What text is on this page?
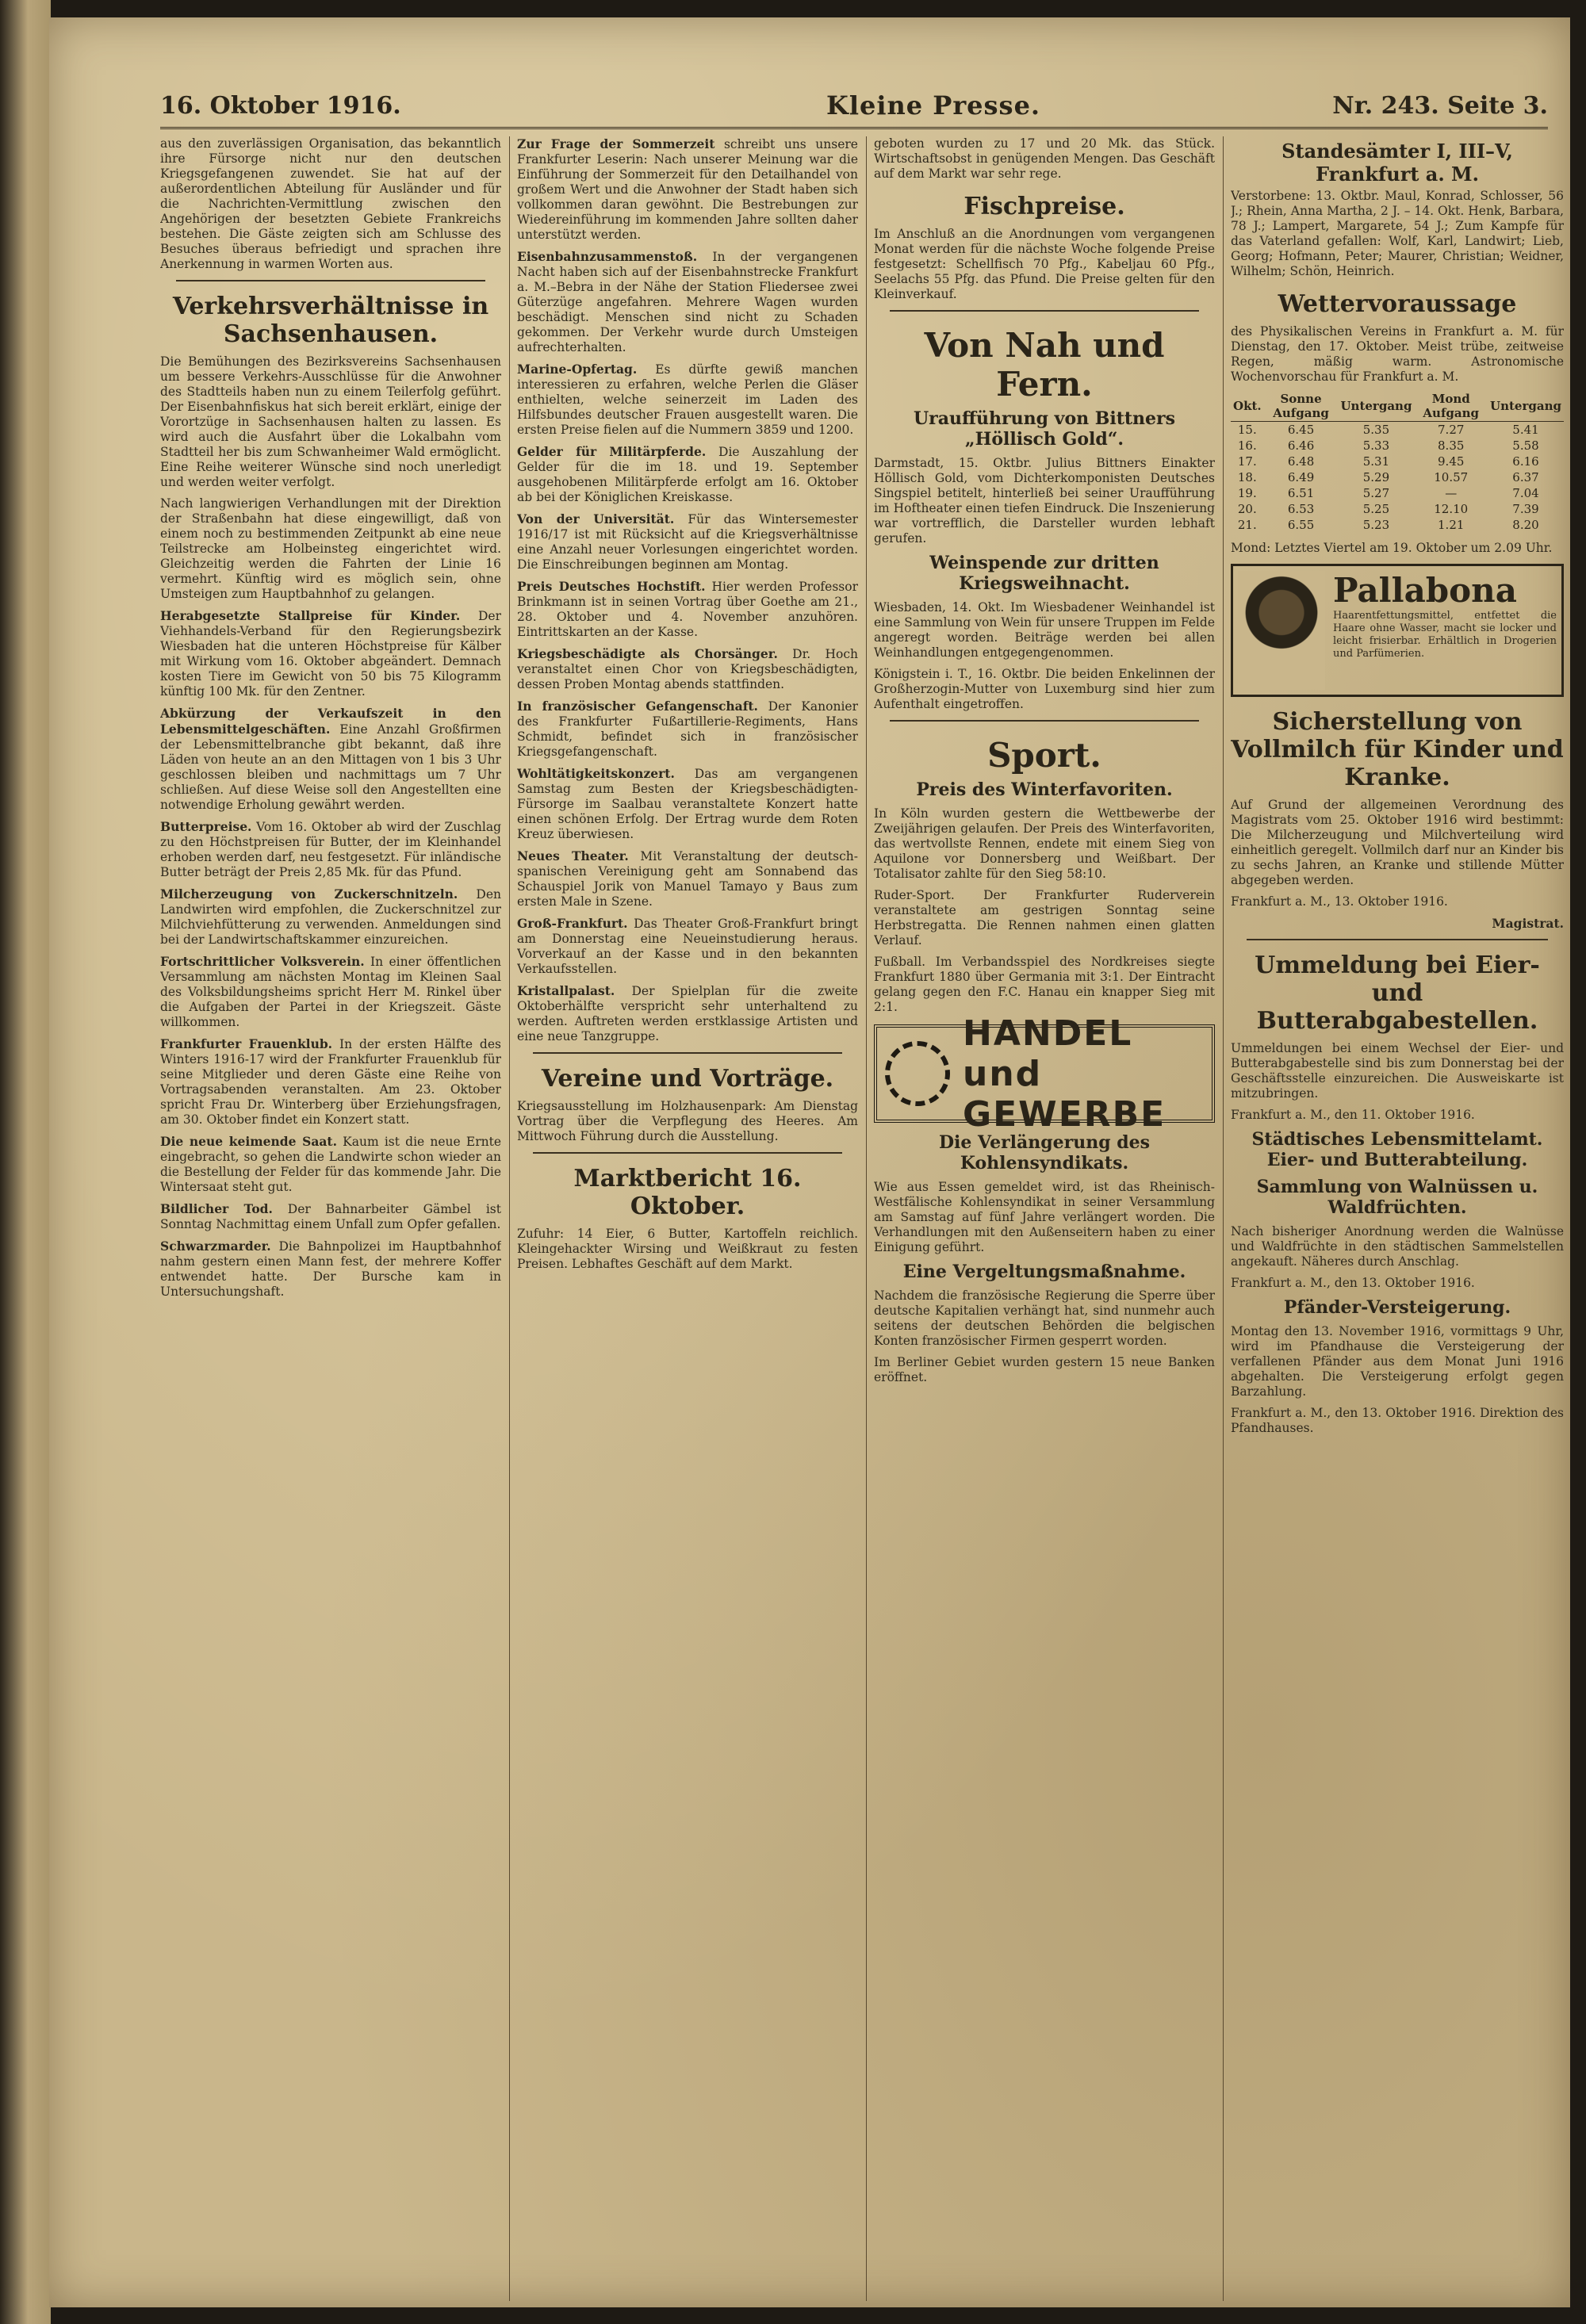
16. Oktober 1916.	Kleine Presse.	Nr. 243. Seite 3.

aus den zuverlässigen Organisation, das bekanntlich ihre Fürsorge nicht nur den deutschen Kriegsgefangenen zuwendet. Sie hat auf der außerordentlichen Abteilung für Ausländer und für die Nachrichten-Vermittlung zwischen den Angehörigen der besetzten Gebiete Frankreichs bestehen. Die Gäste zeigten sich am Schlusse des Besuches überaus befriedigt und sprachen ihre Anerkennung in warmen Worten aus.

Verkehrsverhältnisse in Sachsenhausen.

Die Bemühungen des Bezirksvereins Sachsenhausen um bessere Verkehrs-Ausschlüsse für die Anwohner des Stadtteils haben nun zu einem Teilerfolg geführt. Der Eisenbahnfiskus hat sich bereit erklärt, einige der Vorortzüge in Sachsenhausen halten zu lassen. Es wird auch die Ausfahrt über die Lokalbahn vom Stadtteil her bis zum Schwanheimer Wald ermöglicht. Eine Reihe weiterer Wünsche sind noch unerledigt und werden weiter verfolgt.

Nach langwierigen Verhandlungen mit der Direktion der Straßenbahn hat diese eingewilligt, daß von einem noch zu bestimmenden Zeitpunkt ab eine neue Teilstrecke am Holbeinsteg eingerichtet wird. Gleichzeitig werden die Fahrten der Linie 16 vermehrt. Künftig wird es möglich sein, ohne Umsteigen zum Hauptbahnhof zu gelangen.

Herabgesetzte Stallpreise für Kinder. Der Viehhandels-Verband für den Regierungsbezirk Wiesbaden hat die unteren Höchstpreise für Kälber mit Wirkung vom 16. Oktober abgeändert. Demnach kosten Tiere im Gewicht von 50 bis 75 Kilogramm künftig 100 Mk. für den Zentner.

Abkürzung der Verkaufszeit in den Lebensmittelgeschäften. Eine Anzahl Großfirmen der Lebensmittelbranche gibt bekannt, daß ihre Läden von heute an an den Mittagen von 1 bis 3 Uhr geschlossen bleiben und nachmittags um 7 Uhr schließen. Auf diese Weise soll den Angestellten eine notwendige Erholung gewährt werden.

Butterpreise. Vom 16. Oktober ab wird der Zuschlag zu den Höchstpreisen für Butter, der im Kleinhandel erhoben werden darf, neu festgesetzt. Für inländische Butter beträgt der Preis 2,85 Mk. für das Pfund.

Milcherzeugung von Zuckerschnitzeln. Den Landwirten wird empfohlen, die Zuckerschnitzel zur Milchviehfütterung zu verwenden. Anmeldungen sind bei der Landwirtschaftskammer einzureichen.

Fortschrittlicher Volksverein. In einer öffentlichen Versammlung am nächsten Montag im Kleinen Saal des Volksbildungsheims spricht Herr M. Rinkel über die Aufgaben der Partei in der Kriegszeit. Gäste willkommen.

Frankfurter Frauenklub. In der ersten Hälfte des Winters 1916-17 wird der Frankfurter Frauenklub für seine Mitglieder und deren Gäste eine Reihe von Vortragsabenden veranstalten. Am 23. Oktober spricht Frau Dr. Winterberg über Erziehungsfragen, am 30. Oktober findet ein Konzert statt.

Die neue keimende Saat. Kaum ist die neue Ernte eingebracht, so gehen die Landwirte schon wieder an die Bestellung der Felder für das kommende Jahr. Die Wintersaat steht gut.

Bildlicher Tod. Der Bahnarbeiter Gämbel ist Sonntag Nachmittag einem Unfall zum Opfer gefallen.

Schwarzmarder. Die Bahnpolizei im Hauptbahnhof nahm gestern einen Mann fest, der mehrere Koffer entwendet hatte. Der Bursche kam in Untersuchungshaft.

Zur Frage der Sommerzeit schreibt uns unsere Frankfurter Leserin: Nach unserer Meinung war die Einführung der Sommerzeit für den Detailhandel von großem Wert und die Anwohner der Stadt haben sich vollkommen daran gewöhnt. Die Bestrebungen zur Wiedereinführung im kommenden Jahre sollten daher unterstützt werden.

Eisenbahnzusammenstoß. In der vergangenen Nacht haben sich auf der Eisenbahnstrecke Frankfurt a. M.–Bebra in der Nähe der Station Fliedersee zwei Güterzüge angefahren. Mehrere Wagen wurden beschädigt. Menschen sind nicht zu Schaden gekommen. Der Verkehr wurde durch Umsteigen aufrechterhalten.

Marine-Opfertag. Es dürfte gewiß manchen interessieren zu erfahren, welche Perlen die Gläser enthielten, welche seinerzeit im Laden des Hilfsbundes deutscher Frauen ausgestellt waren. Die ersten Preise fielen auf die Nummern 3859 und 1200.

Gelder für Militärpferde. Die Auszahlung der Gelder für die im 18. und 19. September ausgehobenen Militärpferde erfolgt am 16. Oktober ab bei der Königlichen Kreiskasse.

Von der Universität. Für das Wintersemester 1916/17 ist mit Rücksicht auf die Kriegsverhältnisse eine Anzahl neuer Vorlesungen eingerichtet worden. Die Einschreibungen beginnen am Montag.

Preis Deutsches Hochstift. Hier werden Professor Brinkmann ist in seinen Vortrag über Goethe am 21., 28. Oktober und 4. November anzuhören. Eintrittskarten an der Kasse.

Kriegsbeschädigte als Chorsänger. Dr. Hoch veranstaltet einen Chor von Kriegsbeschädigten, dessen Proben Montag abends stattfinden.

In französischer Gefangenschaft. Der Kanonier des Frankfurter Fußartillerie-Regiments, Hans Schmidt, befindet sich in französischer Kriegsgefangenschaft.

Wohltätigkeitskonzert. Das am vergangenen Samstag zum Besten der Kriegsbeschädigten-Fürsorge im Saalbau veranstaltete Konzert hatte einen schönen Erfolg. Der Ertrag wurde dem Roten Kreuz überwiesen.

Neues Theater. Mit Veranstaltung der deutsch-spanischen Vereinigung geht am Sonnabend das Schauspiel Jorik von Manuel Tamayo y Baus zum ersten Male in Szene.

Groß-Frankfurt. Das Theater Groß-Frankfurt bringt am Donnerstag eine Neueinstudierung heraus. Vorverkauf an der Kasse und in den bekannten Verkaufsstellen.

Kristallpalast. Der Spielplan für die zweite Oktoberhälfte verspricht sehr unterhaltend zu werden. Auftreten werden erstklassige Artisten und eine neue Tanzgruppe.

Vereine und Vorträge.

Kriegsausstellung im Holzhausenpark: Am Dienstag Vortrag über die Verpflegung des Heeres. Am Mittwoch Führung durch die Ausstellung.

Marktbericht 16. Oktober.

Zufuhr: 14 Eier, 6 Butter, Kartoffeln reichlich. Kleingehackter Wirsing und Weißkraut zu festen Preisen. Lebhaftes Geschäft auf dem Markt.

geboten wurden zu 17 und 20 Mk. das Stück. Wirtschaftsobst in genügenden Mengen. Das Geschäft auf dem Markt war sehr rege.

Fischpreise.

Im Anschluß an die Anordnungen vom vergangenen Monat werden für die nächste Woche folgende Preise festgesetzt: Schellfisch 70 Pfg., Kabeljau 60 Pfg., Seelachs 55 Pfg. das Pfund. Die Preise gelten für den Kleinverkauf.

Von Nah und Fern.
Uraufführung von Bittners „Höllisch Gold“.

Darmstadt, 15. Oktbr. Julius Bittners Einakter Höllisch Gold, vom Dichterkomponisten Deutsches Singspiel betitelt, hinterließ bei seiner Uraufführung im Hoftheater einen tiefen Eindruck. Die Inszenierung war vortrefflich, die Darsteller wurden lebhaft gerufen.

Weinspende zur dritten Kriegsweihnacht.

Wiesbaden, 14. Okt. Im Wiesbadener Weinhandel ist eine Sammlung von Wein für unsere Truppen im Felde angeregt worden. Beiträge werden bei allen Weinhandlungen entgegengenommen.

Königstein i. T., 16. Oktbr. Die beiden Enkelinnen der Großherzogin-Mutter von Luxemburg sind hier zum Aufenthalt eingetroffen.

Sport.
Preis des Winterfavoriten.

In Köln wurden gestern die Wettbewerbe der Zweijährigen gelaufen. Der Preis des Winterfavoriten, das wertvollste Rennen, endete mit einem Sieg von Aquilone vor Donnersberg und Weißbart. Der Totalisator zahlte für den Sieg 58:10.

Ruder-Sport. Der Frankfurter Ruderverein veranstaltete am gestrigen Sonntag seine Herbstregatta. Die Rennen nahmen einen glatten Verlauf.

Fußball. Im Verbandsspiel des Nordkreises siegte Frankfurt 1880 über Germania mit 3:1. Der Eintracht gelang gegen den F.C. Hanau ein knapper Sieg mit 2:1.

HANDEL und GEWERBE
Die Verlängerung des Kohlensyndikats.

Wie aus Essen gemeldet wird, ist das Rheinisch-Westfälische Kohlensyndikat in seiner Versammlung am Samstag auf fünf Jahre verlängert worden. Die Verhandlungen mit den Außenseitern haben zu einer Einigung geführt.

Eine Vergeltungsmaßnahme.

Nachdem die französische Regierung die Sperre über deutsche Kapitalien verhängt hat, sind nunmehr auch seitens der deutschen Behörden die belgischen Konten französischer Firmen gesperrt worden.

Im Berliner Gebiet wurden gestern 15 neue Banken eröffnet.

Standesämter I, III–V, Frankfurt a. M.

Verstorbene: 13. Oktbr. Maul, Konrad, Schlosser, 56 J.; Rhein, Anna Martha, 2 J. – 14. Okt. Henk, Barbara, 78 J.; Lampert, Margarete, 54 J.; Zum Kampfe für das Vaterland gefallen: Wolf, Karl, Landwirt; Lieb, Georg; Hofmann, Peter; Maurer, Christian; Weidner, Wilhelm; Schön, Heinrich.

Wettervoraussage

des Physikalischen Vereins in Frankfurt a. M. für Dienstag, den 17. Oktober. Meist trübe, zeitweise Regen, mäßig warm. Astronomische Wochenvorschau für Frankfurt a. M.

Okt.	Sonne Aufgang	Untergang	Mond Aufgang	Untergang
15.	6.45	5.35	7.27	5.41
16.	6.46	5.33	8.35	5.58
17.	6.48	5.31	9.45	6.16
18.	6.49	5.29	10.57	6.37
19.	6.51	5.27	—	7.04
20.	6.53	5.25	12.10	7.39
21.	6.55	5.23	1.21	8.20

Mond: Letztes Viertel am 19. Oktober um 2.09 Uhr.

Pallabona

Haarentfettungsmittel, entfettet die Haare ohne Wasser, macht sie locker und leicht frisierbar. Erhältlich in Drogerien und Parfümerien.

Sicherstellung von Vollmilch für Kinder und Kranke.

Auf Grund der allgemeinen Verordnung des Magistrats vom 25. Oktober 1916 wird bestimmt: Die Milcherzeugung und Milchverteilung wird einheitlich geregelt. Vollmilch darf nur an Kinder bis zu sechs Jahren, an Kranke und stillende Mütter abgegeben werden.

Frankfurt a. M., 13. Oktober 1916.

Magistrat.

Ummeldung bei Eier- und Butterabgabestellen.

Ummeldungen bei einem Wechsel der Eier- und Butterabgabestelle sind bis zum Donnerstag bei der Geschäftsstelle einzureichen. Die Ausweiskarte ist mitzubringen.

Frankfurt a. M., den 11. Oktober 1916.

Städtisches Lebensmittelamt. Eier- und Butterabteilung.
Sammlung von Walnüssen u. Waldfrüchten.

Nach bisheriger Anordnung werden die Walnüsse und Waldfrüchte in den städtischen Sammelstellen angekauft. Näheres durch Anschlag.

Frankfurt a. M., den 13. Oktober 1916.

Pfänder-Versteigerung.

Montag den 13. November 1916, vormittags 9 Uhr, wird im Pfandhause die Versteigerung der verfallenen Pfänder aus dem Monat Juni 1916 abgehalten. Die Versteigerung erfolgt gegen Barzahlung.

Frankfurt a. M., den 13. Oktober 1916. Direktion des Pfandhauses.
